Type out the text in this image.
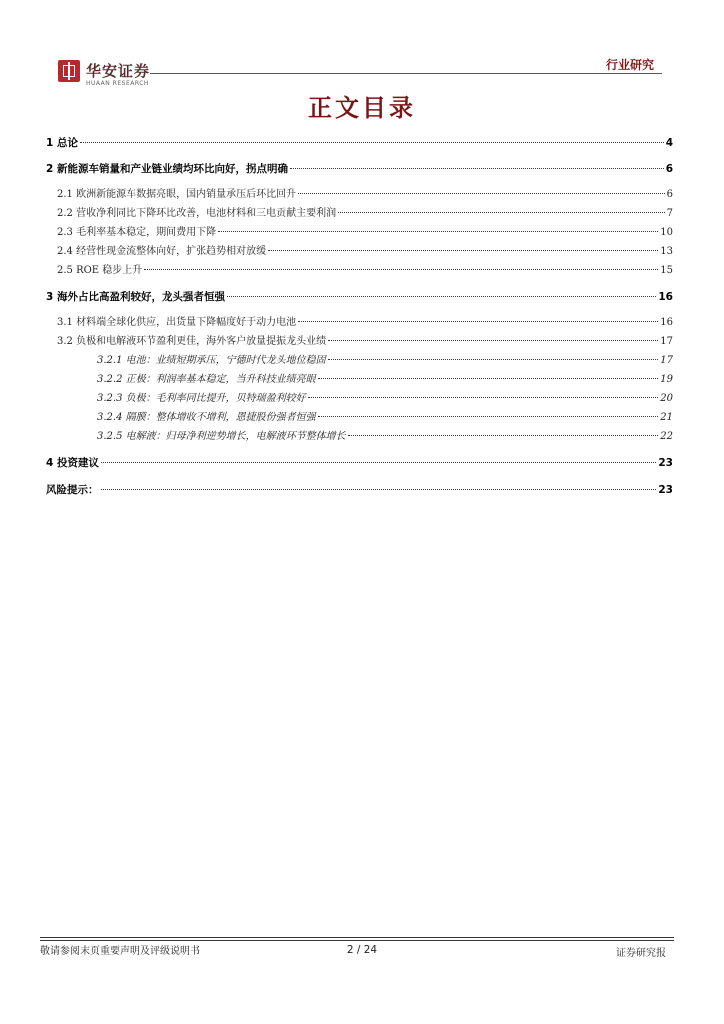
华安证券
HUAAN RESEARCH
行业研究
正文目录
1 总论	4
2 新能源车销量和产业链业绩均环比向好，拐点明确	6
2.1 欧洲新能源车数据亮眼，国内销量承压后环比回升	6
2.2 营收净利同比下降环比改善，电池材料和三电贡献主要利润	7
2.3 毛利率基本稳定，期间费用下降	10
2.4 经营性现金流整体向好，扩张趋势相对放缓	13
2.5 ROE 稳步上升	15
3 海外占比高盈利较好，龙头强者恒强	16
3.1 材料端全球化供应，出货量下降幅度好于动力电池	16
3.2 负极和电解液环节盈利更佳，海外客户放量提振龙头业绩	17
3.2.1 电池：业绩短期承压，宁德时代龙头地位稳固	17
3.2.2 正极：利润率基本稳定，当升科技业绩亮眼	19
3.2.3 负极：毛利率同比提升，贝特瑞盈利较好	20
3.2.4 隔膜：整体增收不增利，恩捷股份强者恒强	21
3.2.5 电解液：归母净利逆势增长，电解液环节整体增长	22
4 投资建议	23
风险提示：	23
敬请参阅末页重要声明及评级说明书	2 / 24	证券研究报
